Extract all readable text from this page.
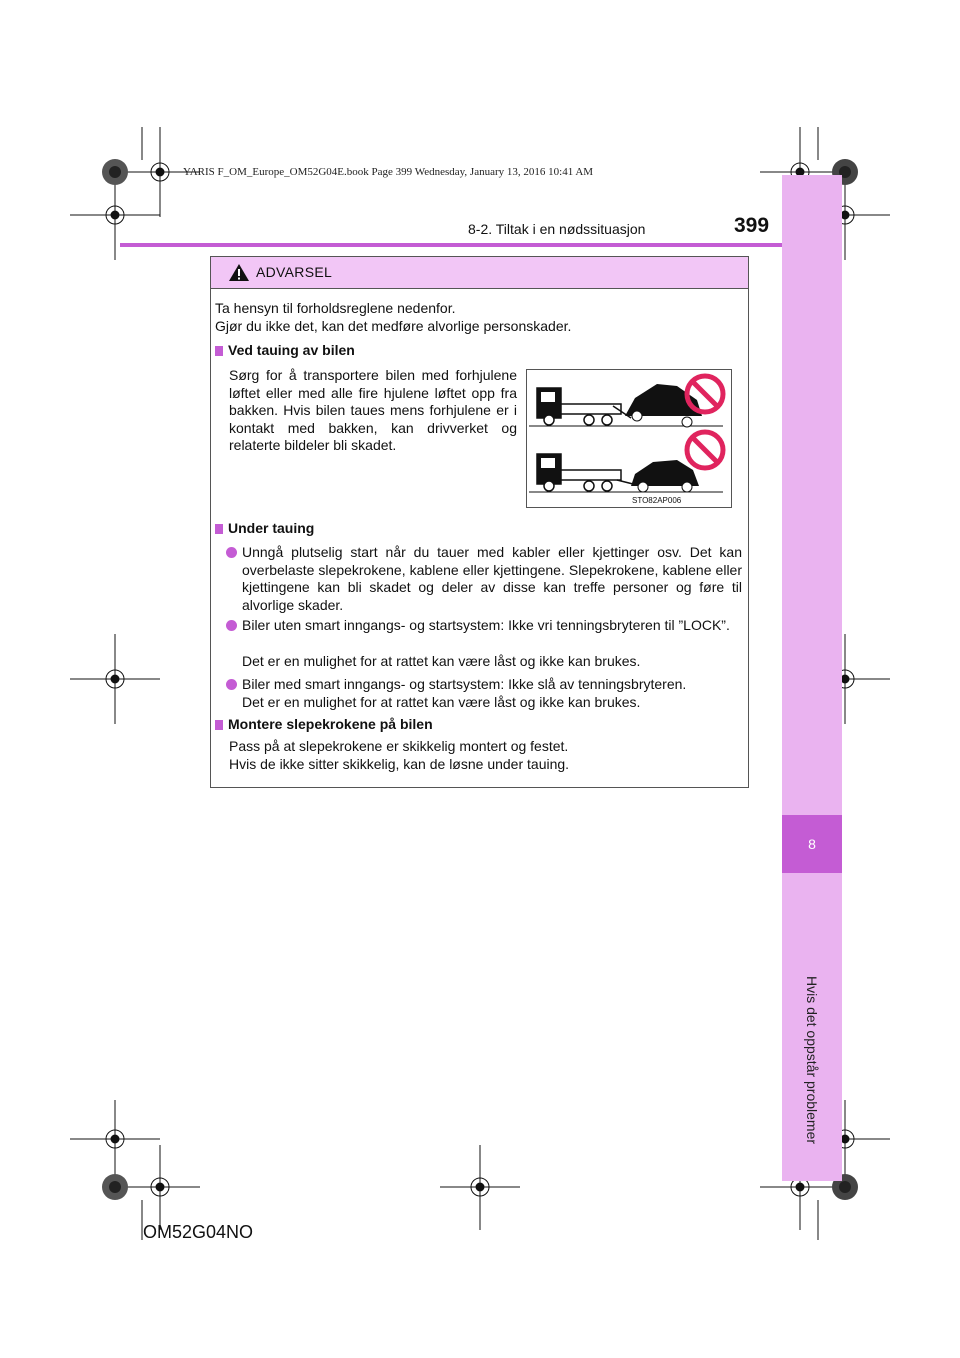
YARIS F_OM_Europe_OM52G04E.book Page 399 Wednesday, January 13, 2016 10:41 AM
8
Hvis det oppstår problemer
8-2. Tiltak i en nødssituasjon	399
ADVARSEL
Ta hensyn til forholdsreglene nedenfor.
Gjør du ikke det, kan det medføre alvorlige personskader.
Ved tauing av bilen
Sørg for å transportere bilen med forhjulene løftet eller med alle fire hjulene løftet opp fra bakken. Hvis bilen taues mens forhjulene er i kontakt med bakken, kan drivverket og relaterte bildeler bli skadet.
STO82AP006
Under tauing
Unngå plutselig start når du tauer med kabler eller kjettinger osv. Det kan overbelaste slepekrokene, kablene eller kjettingene. Slepekrokene, kablene eller kjettingene kan bli skadet og deler av disse kan treffe personer og føre til alvorlige skader.
Biler uten smart inngangs- og startsystem: Ikke vri tenningsbryteren til ”LOCK”.
Det er en mulighet for at rattet kan være låst og ikke kan brukes.
Biler med smart inngangs- og startsystem: Ikke slå av tenningsbryteren.
Det er en mulighet for at rattet kan være låst og ikke kan brukes.
Montere slepekrokene på bilen
Pass på at slepekrokene er skikkelig montert og festet.
Hvis de ikke sitter skikkelig, kan de løsne under tauing.
OM52G04NO
